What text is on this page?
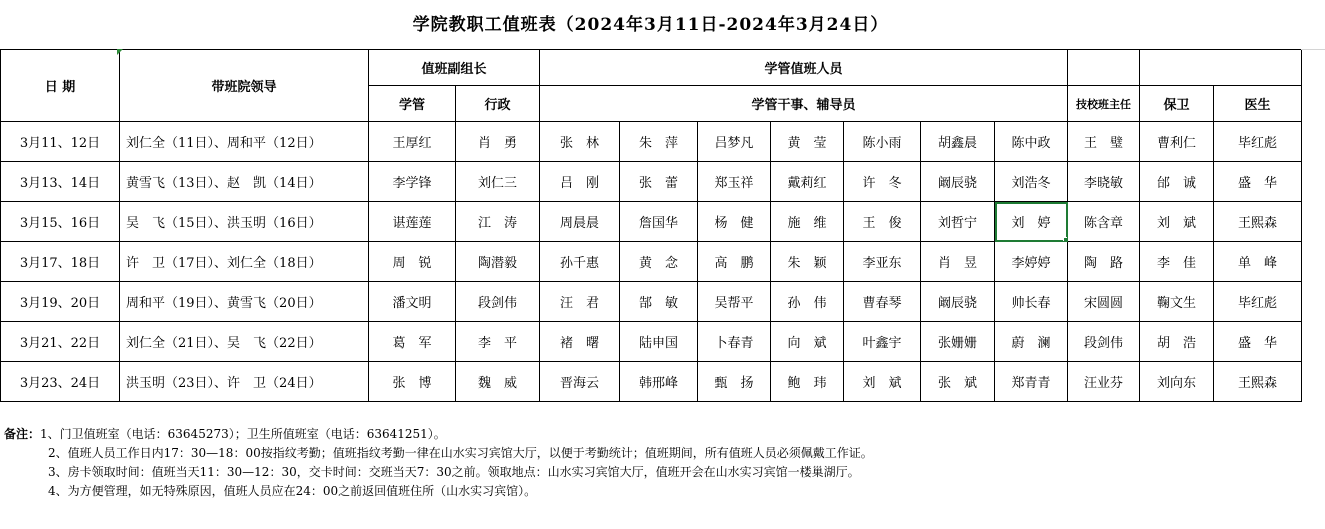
学院教职工值班表（2024年3月11日-2024年3月24日）
日 期	带班院领导	值班副组长		学管值班人员									
		学管	行政	学管干事、辅导员							技校班主任	保卫	医生
3月11、12日	刘仁全（11日）、周和平（12日）	王厚红	肖　勇	张　林	朱　萍	吕梦凡	黄　莹	陈小雨	胡鑫晨	陈中政	王　璧	曹利仁	毕红彪
3月13、14日	黄雪飞（13日）、赵　凯（14日）	李学锋	刘仁三	吕　刚	张　蕾	郑玉祥	戴莉红	许　冬	阚辰骁	刘浩冬	李晓敏	邰　诚	盛　华
3月15、16日	吴　飞（15日）、洪玉明（16日）	谌莲莲	江　涛	周晨晨	詹国华	杨　健	施　维	王　俊	刘哲宁	刘　婷	陈含章	刘　斌	王熙森
3月17、18日	许　卫（17日）、刘仁全（18日）	周　锐	陶潜毅	孙千惠	黄　念	高　鹏	朱　颖	李亚东	肖　昱	李婷婷	陶　路	李　佳	单　峰
3月19、20日	周和平（19日）、黄雪飞（20日）	潘文明	段剑伟	汪　君	郜　敏	吴帮平	孙　伟	曹春琴	阚辰骁	帅长春	宋圆圆	鞠文生	毕红彪
3月21、22日	刘仁全（21日）、吴　飞（22日）	葛　军	李　平	褚　曙	陆申国	卜春青	向　斌	叶鑫宇	张姗姗	蔚　澜	段剑伟	胡　浩	盛　华
3月23、24日	洪玉明（23日）、许　卫（24日）	张　博	魏　威	晋海云	韩邢峰	甄　扬	鲍　玮	刘　斌	张　斌	郑青青	汪业芬	刘向东	王熙森
备注：1、门卫值班室（电话：63645273）；卫生所值班室（电话：63641251）。
2、值班人员工作日内17：30—18：00按指纹考勤；值班指纹考勤一律在山水实习宾馆大厅，以便于考勤统计；值班期间，所有值班人员必须佩戴工作证。
3、房卡领取时间：值班当天11：30—12：30，交卡时间：交班当天7：30之前。领取地点：山水实习宾馆大厅，值班开会在山水实习宾馆一楼巢湖厅。
4、为方便管理，如无特殊原因，值班人员应在24：00之前返回值班住所（山水实习宾馆）。
